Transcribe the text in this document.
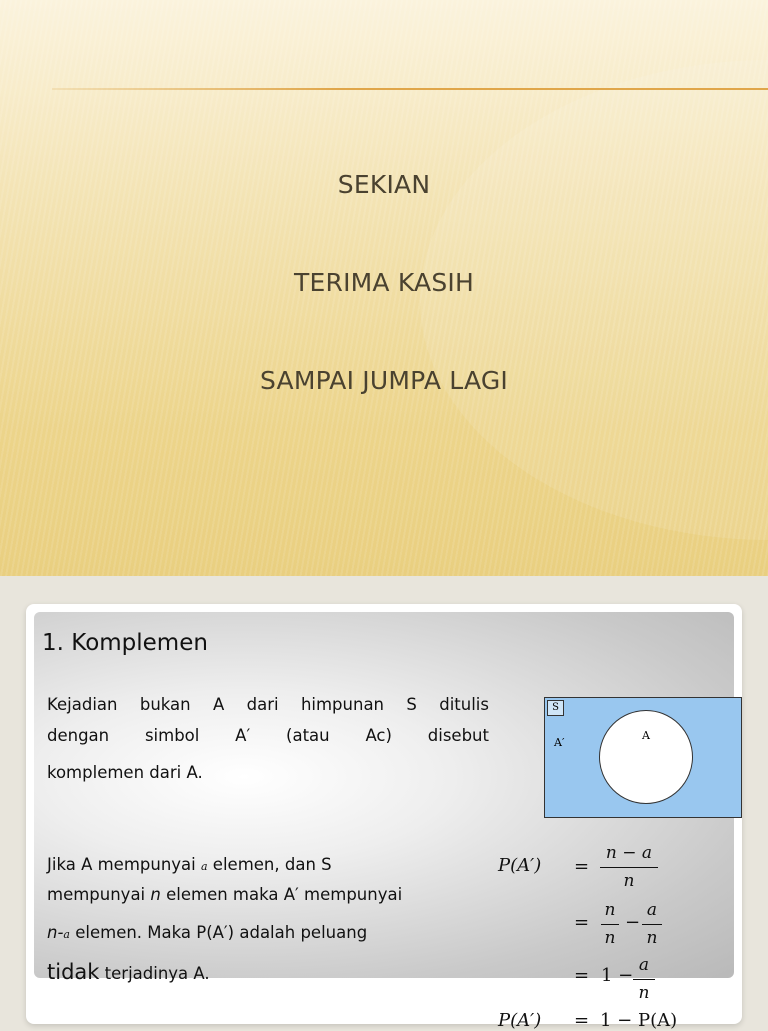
SEKIAN
TERIMA KASIH
SAMPAI JUMPA LAGI
1. Komplemen
Kejadian bukan A dari himpunan S ditulis
dengan simbol A′ (atau Ac) disebut
komplemen dari A.
Jika A mempunyai a elemen, dan S
mempunyai n elemen maka A′ mempunyai
n-a elemen. Maka P(A′) adalah peluang
tidak terjadinya A.
S
A′
A
P(A′) =
n − a
n
=
n
n
−
a
n
= 1 − a
n
P(A′) = 1 − P(A)
